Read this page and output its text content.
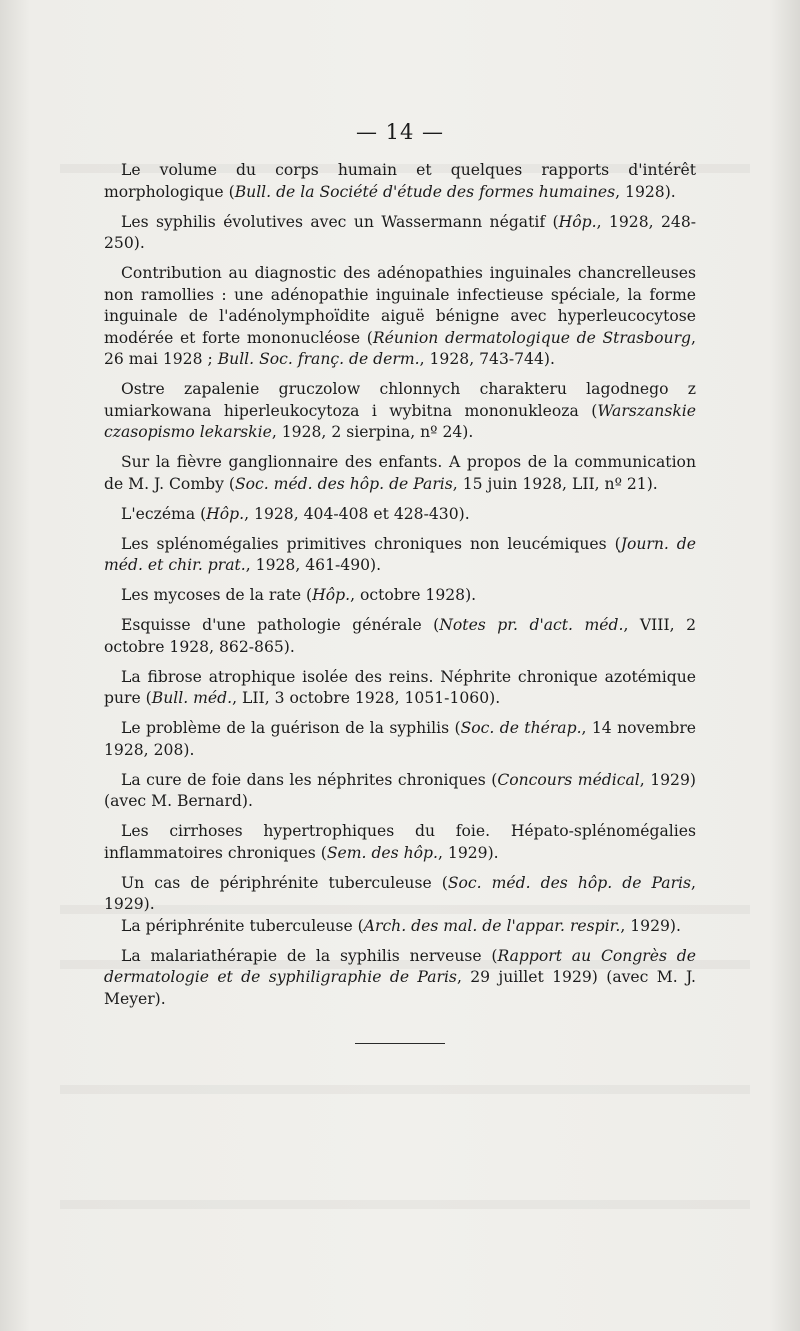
— 14 —

Le volume du corps humain et quelques rapports d'intérêt morphologique (Bull. de la Société d'étude des formes humaines, 1928).

Les syphilis évolutives avec un Wassermann négatif (Hôp., 1928, 248-250).

Contribution au diagnostic des adénopathies inguinales chancrelleuses non ramollies : une adénopathie inguinale infectieuse spéciale, la forme inguinale de l'adénolymphoïdite aiguë bénigne avec hyperleucocytose modérée et forte mononucléose (Réunion dermatologique de Strasbourg, 26 mai 1928 ; Bull. Soc. franç. de derm., 1928, 743-744).

Ostre zapalenie gruczolow chlonnych charakteru lagodnego z umiarkowana hiperleukocytoza i wybitna mononukleoza (Warszanskie czasopismo lekarskie, 1928, 2 sierpina, nº 24).

Sur la fièvre ganglionnaire des enfants. A propos de la communication de M. J. Comby (Soc. méd. des hôp. de Paris, 15 juin 1928, LII, nº 21).

L'eczéma (Hôp., 1928, 404-408 et 428-430).

Les splénomégalies primitives chroniques non leucémiques (Journ. de méd. et chir. prat., 1928, 461-490).

Les mycoses de la rate (Hôp., octobre 1928).

Esquisse d'une pathologie générale (Notes pr. d'act. méd., VIII, 2 octobre 1928, 862-865).

La fibrose atrophique isolée des reins. Néphrite chronique azotémique pure (Bull. méd., LII, 3 octobre 1928, 1051-1060).

Le problème de la guérison de la syphilis (Soc. de thérap., 14 novembre 1928, 208).

La cure de foie dans les néphrites chroniques (Concours médical, 1929) (avec M. Bernard).

Les cirrhoses hypertrophiques du foie. Hépato-splénomégalies inflammatoires chroniques (Sem. des hôp., 1929).

Un cas de périphrénite tuberculeuse (Soc. méd. des hôp. de Paris, 1929).

La périphrénite tuberculeuse (Arch. des mal. de l'appar. respir., 1929).

La malariathérapie de la syphilis nerveuse (Rapport au Congrès de dermatologie et de syphiligraphie de Paris, 29 juillet 1929) (avec M. J. Meyer).
